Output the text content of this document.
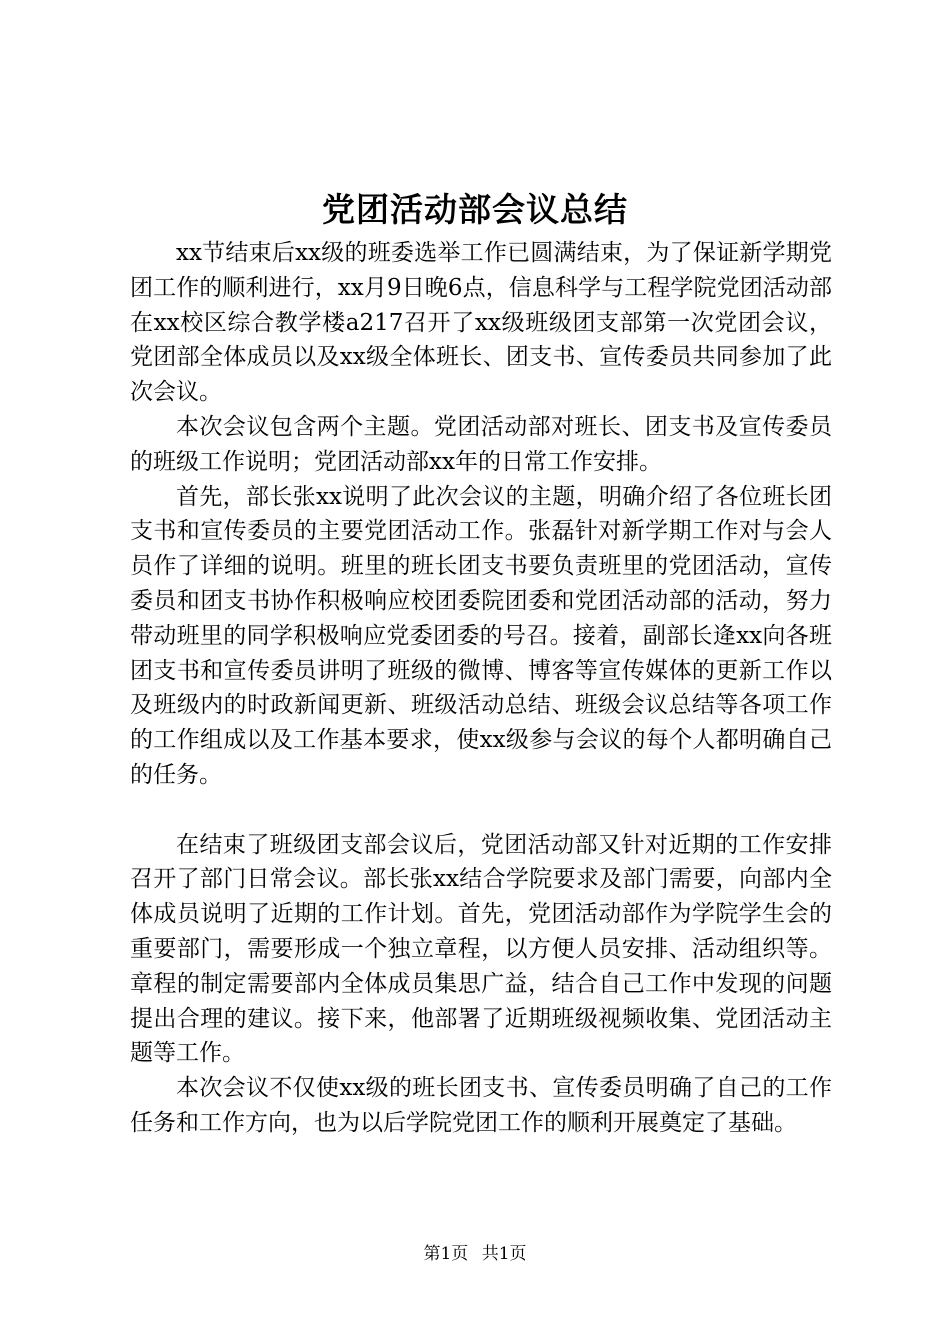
党团活动部会议总结

xx节结束后xx级的班委选举工作已圆满结束，为了保证新学期党团工作的顺利进行，xx月9日晚6点，信息科学与工程学院党团活动部在xx校区综合教学楼a217召开了xx级班级团支部第一次党团会议，党团部全体成员以及xx级全体班长、团支书、宣传委员共同参加了此次会议。

本次会议包含两个主题。党团活动部对班长、团支书及宣传委员的班级工作说明；党团活动部xx年的日常工作安排。

首先，部长张xx说明了此次会议的主题，明确介绍了各位班长团支书和宣传委员的主要党团活动工作。张磊针对新学期工作对与会人员作了详细的说明。班里的班长团支书要负责班里的党团活动，宣传委员和团支书协作积极响应校团委院团委和党团活动部的活动，努力带动班里的同学积极响应党委团委的号召。接着，副部长逄xx向各班团支书和宣传委员讲明了班级的微博、博客等宣传媒体的更新工作以及班级内的时政新闻更新、班级活动总结、班级会议总结等各项工作的工作组成以及工作基本要求，使xx级参与会议的每个人都明确自己的任务。

在结束了班级团支部会议后，党团活动部又针对近期的工作安排召开了部门日常会议。部长张xx结合学院要求及部门需要，向部内全体成员说明了近期的工作计划。首先，党团活动部作为学院学生会的重要部门，需要形成一个独立章程，以方便人员安排、活动组织等。章程的制定需要部内全体成员集思广益，结合自己工作中发现的问题提出合理的建议。接下来，他部署了近期班级视频收集、党团活动主题等工作。

本次会议不仅使xx级的班长团支书、宣传委员明确了自己的工作任务和工作方向，也为以后学院党团工作的顺利开展奠定了基础。

第1页 共1页
